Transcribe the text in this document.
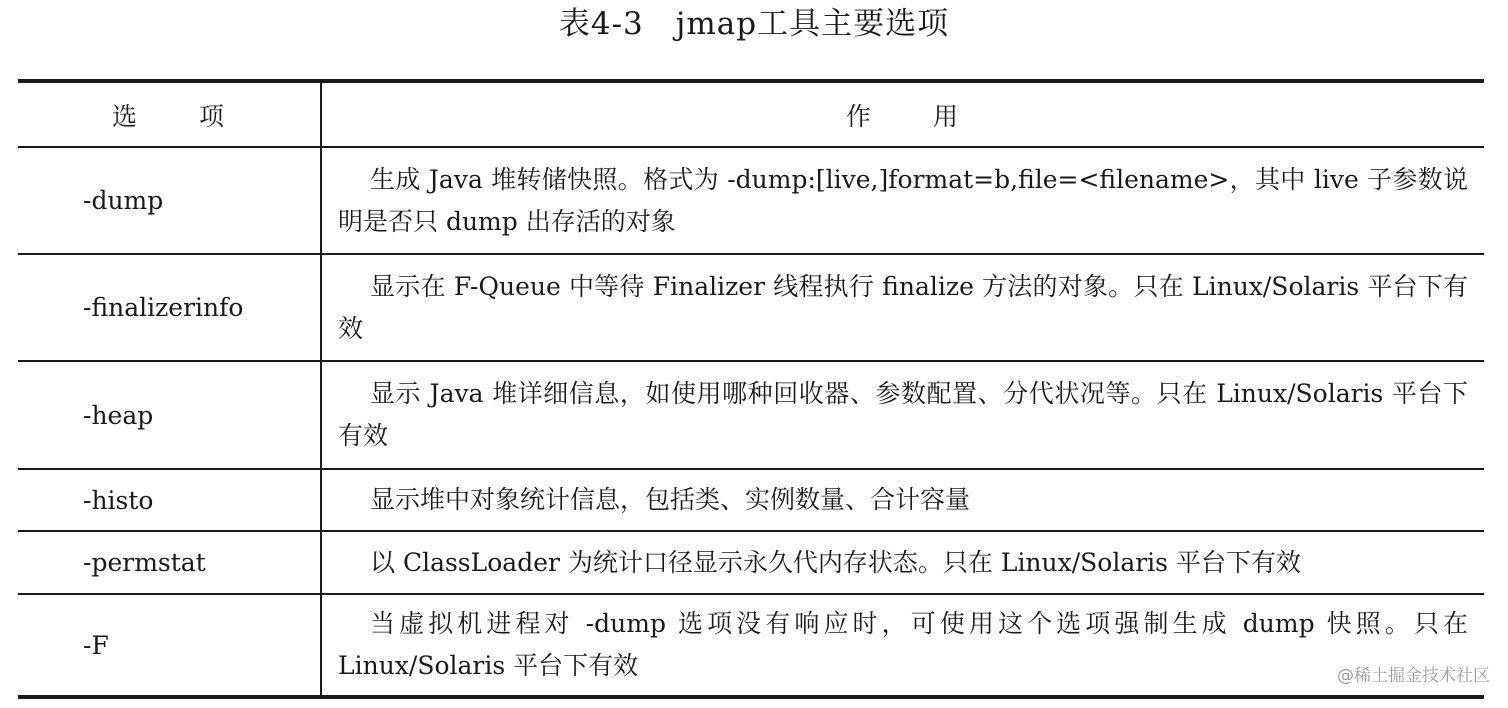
表4-3 jmap工具主要选项
选 项	作 用
-dump	生成 Java 堆转储快照。格式为 -dump:[live,]format=b,file=<filename>，其中 live 子参数说明是否只 dump 出存活的对象

-finalizerinfo	显示在 F-Queue 中等待 Finalizer 线程执行 finalize 方法的对象。只在 Linux/Solaris 平台下有效

-heap	显示 Java 堆详细信息，如使用哪种回收器、参数配置、分代状况等。只在 Linux/Solaris 平台下有效

-histo	显示堆中对象统计信息，包括类、实例数量、合计容量

-permstat	以 ClassLoader 为统计口径显示永久代内存状态。只在 Linux/Solaris 平台下有效

-F	当虚拟机进程对 -dump 选项没有响应时，可使用这个选项强制生成 dump 快照。只在 Linux/Solaris 平台下有效	@稀土掘金技术社区
